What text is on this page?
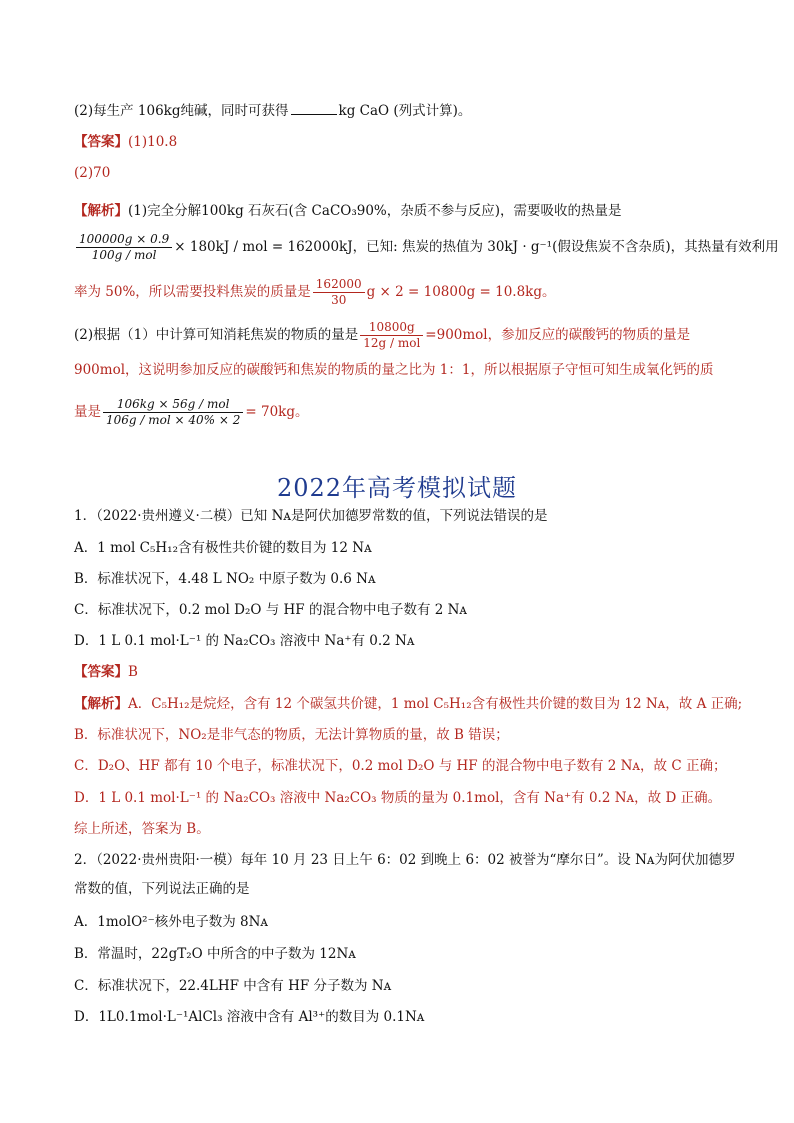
(2)每生产 106kg纯碱，同时可获得	kg CaO (列式计算)。
【答案】(1)10.8
(2)70
【解析】(1)完全分解100kg 石灰石(含 CaCO₃90%，杂质不参与反应)，需要吸收的热量是
$\frac{100000g \times 0.9}{\text{100g / mol}} \times 180kJ$ / mol = 162000kJ，已知: 焦炭的热值为 30kJ · g⁻¹(假设焦炭不含杂质)，其热量有效利用
率为 50%，所以需要投料焦炭的质量是 $\frac{162000}{30}$ g × 2 = 10800g = 10.8kg。
(2)根据（1）中计算可知消耗焦炭的物质的量是 $\frac{10800g}{\text{12g / mol}} =900mol$，参加反应的碳酸钙的物质的量是
900mol，这说明参加反应的碳酸钙和焦炭的物质的量之比为 1：1，所以根据原子守恒可知生成氧化钙的质
量是 $\frac{\text{106kg × 56g / mol}}{\text{106g / mol × 40\% × 2}} = 70kg$。
2022年高考模拟试题
1．（2022·贵州遵义·二模）已知 Nᴀ是阿伏加德罗常数的值，下列说法错误的是
A．1 mol C₅H₁₂含有极性共价键的数目为 12 Nᴀ
B．标准状况下，4.48 L NO₂ 中原子数为 0.6 Nᴀ
C．标准状况下，0.2 mol D₂O 与 HF 的混合物中电子数有 2 Nᴀ
D．1 L 0.1 mol·L⁻¹ 的 Na₂CO₃ 溶液中 Na⁺有 0.2 Nᴀ
【答案】B
【解析】A．C₅H₁₂是烷烃，含有 12 个碳氢共价键，1 mol C₅H₁₂含有极性共价键的数目为 12 Nᴀ，故 A 正确;
B．标准状况下，NO₂是非气态的物质，无法计算物质的量，故 B 错误；
C．D₂O、HF 都有 10 个电子，标准状况下，0.2 mol D₂O 与 HF 的混合物中电子数有 2 Nᴀ，故 C 正确；
D．1 L 0.1 mol·L⁻¹ 的 Na₂CO₃ 溶液中 Na₂CO₃ 物质的量为 0.1mol，含有 Na⁺有 0.2 Nᴀ，故 D 正确。
综上所述，答案为 B。
2．（2022·贵州贵阳·一模）每年 10 月 23 日上午 6：02 到晚上 6：02 被誉为“摩尔日”。设 Nᴀ为阿伏加德罗
常数的值，下列说法正确的是
A．1molO²⁻核外电子数为 8Nᴀ
B．常温时，22gT₂O 中所含的中子数为 12Nᴀ
C．标准状况下，22.4LHF 中含有 HF 分子数为 Nᴀ
D．1L0.1mol·L⁻¹AlCl₃ 溶液中含有 Al³⁺的数目为 0.1Nᴀ
